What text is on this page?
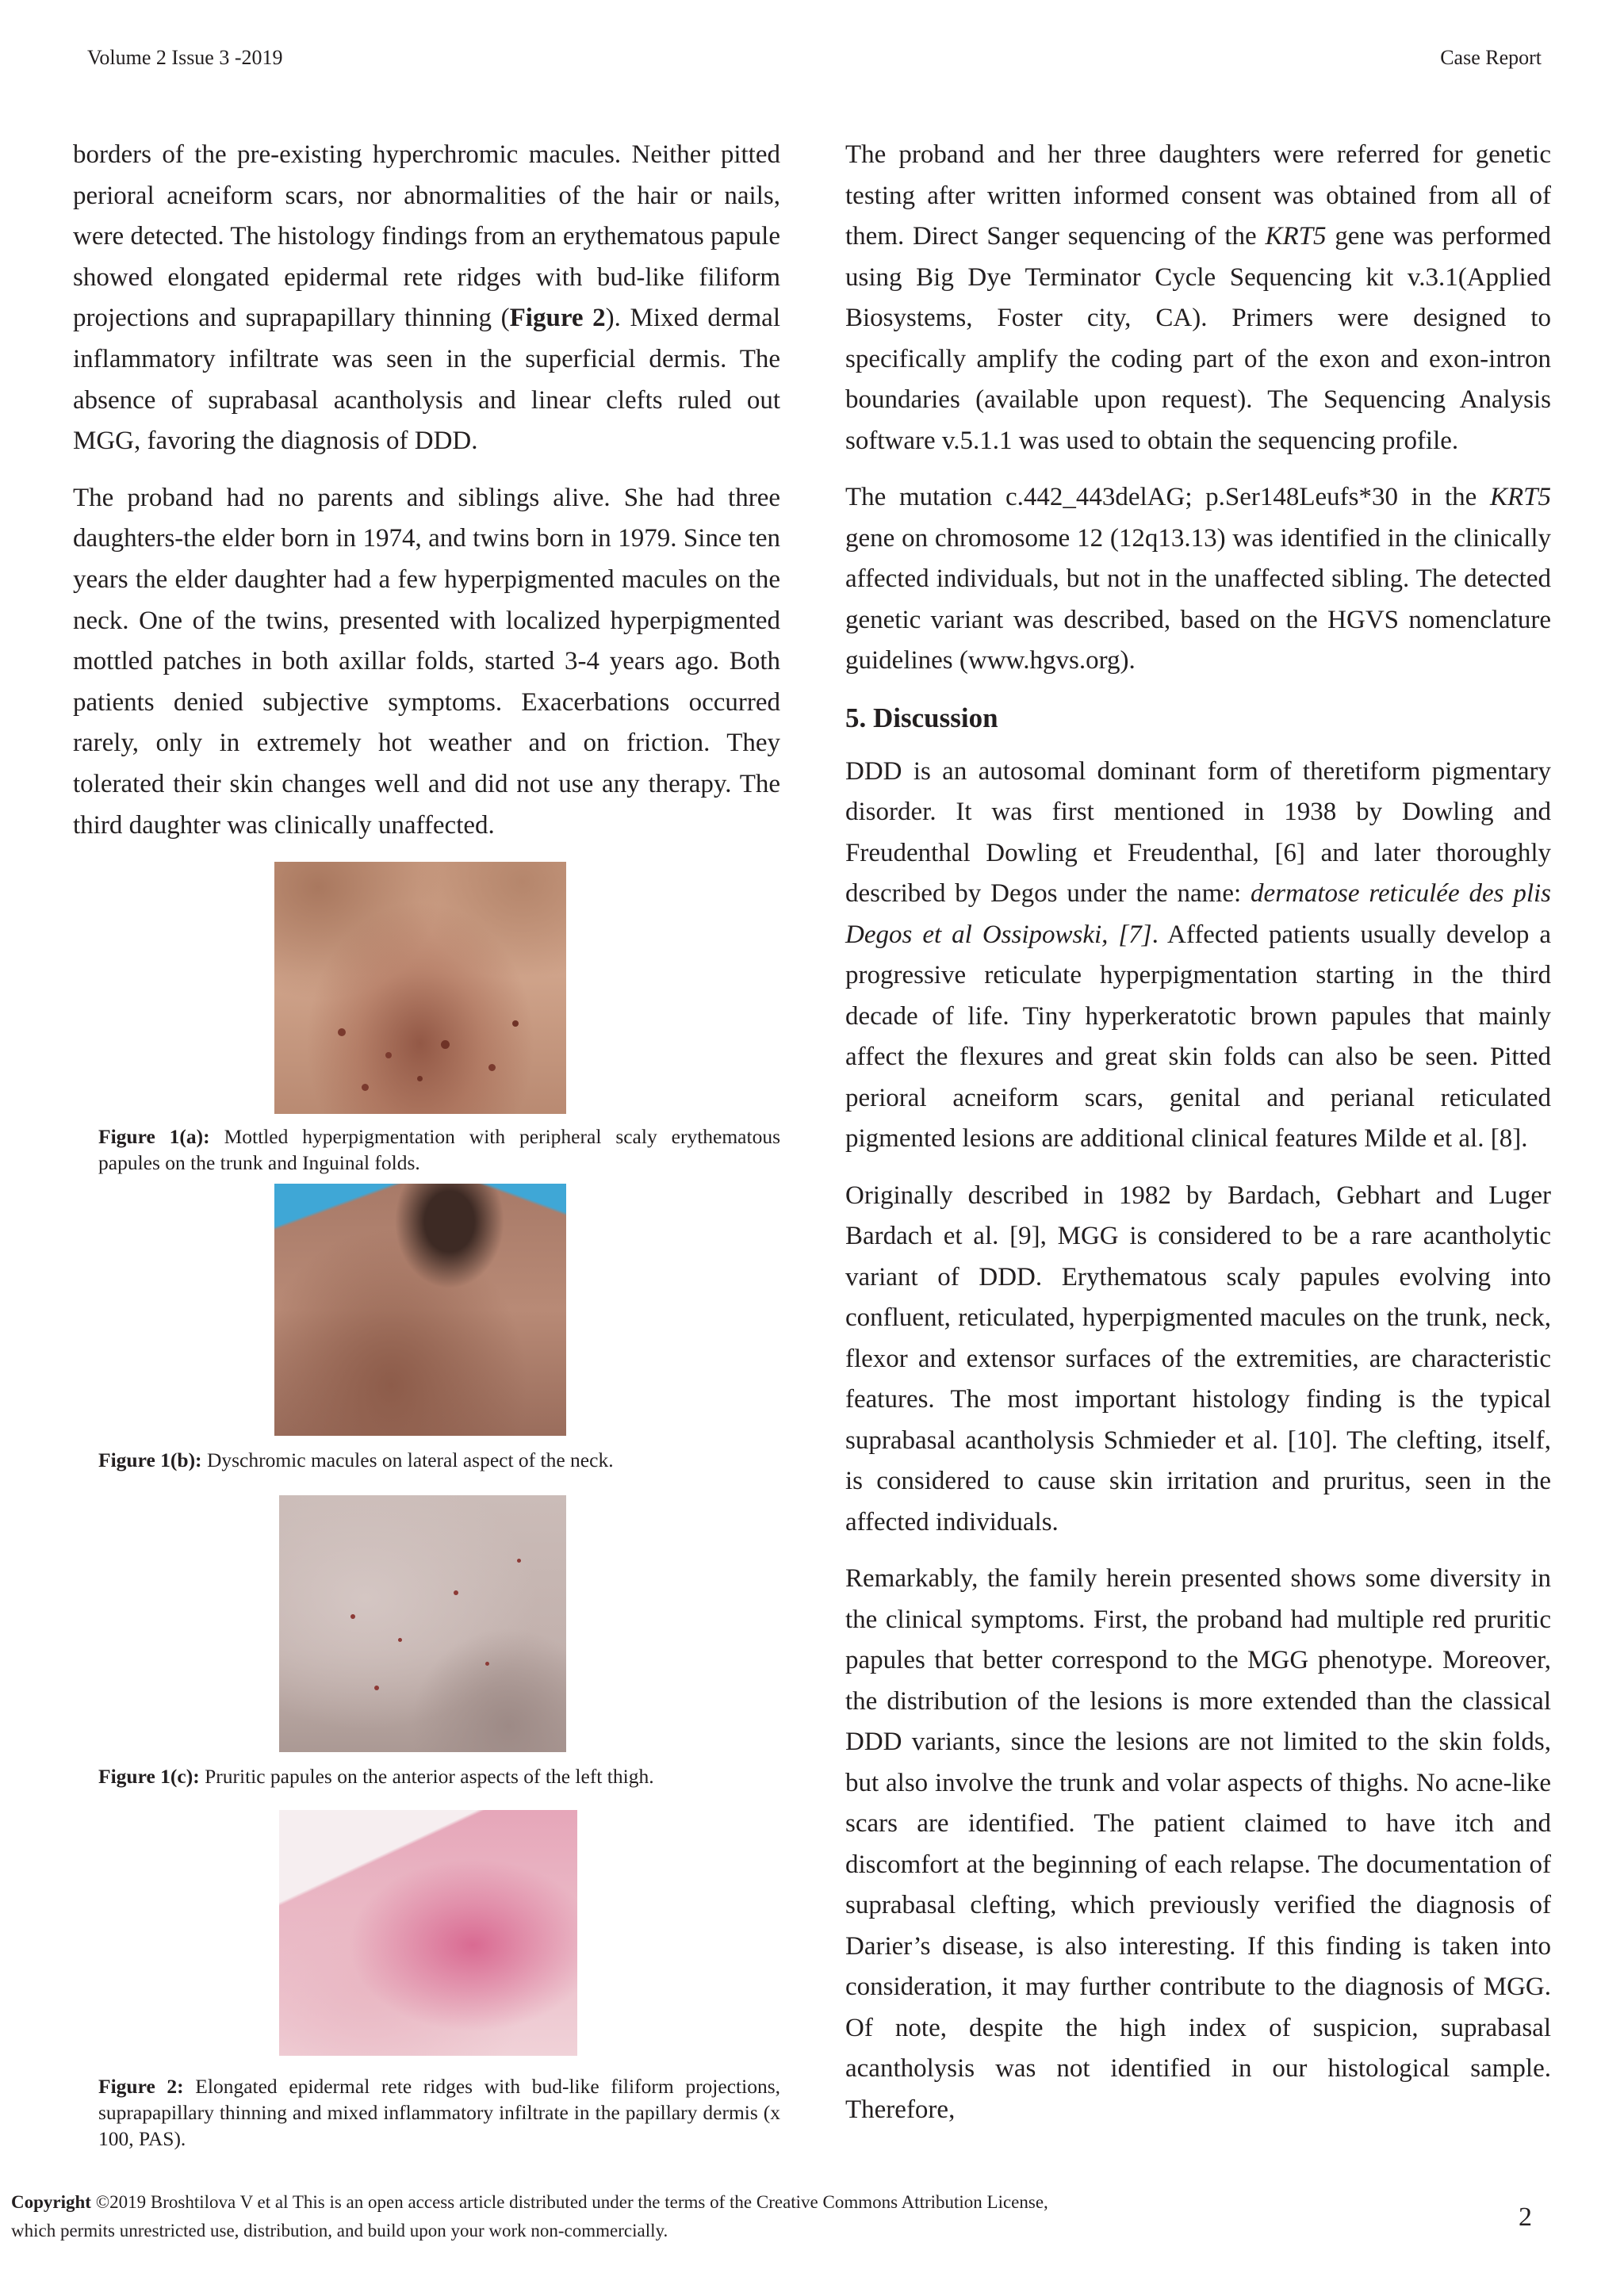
Volume 2 Issue 3 -2019	Case Report

borders of the pre-existing hyperchromic macules. Neither pitted perioral acneiform scars, nor abnormalities of the hair or nails, were detected. The histology findings from an erythematous papule showed elongated epidermal rete ridges with bud-like filiform projections and suprapapillary thinning (Figure 2). Mixed dermal inflammatory infiltrate was seen in the superficial dermis. The absence of suprabasal acantholysis and linear clefts ruled out MGG, favoring the diagnosis of DDD.

The proband had no parents and siblings alive. She had three daughters-the elder born in 1974, and twins born in 1979. Since ten years the elder daughter had a few hyperpigmented macules on the neck. One of the twins, presented with localized hyperpigmented mottled patches in both axillar folds, started 3-4 years ago. Both patients denied subjective symptoms. Exacerbations occurred rarely, only in extremely hot weather and on friction. They tolerated their skin changes well and did not use any therapy. The third daughter was clinically unaffected.

Figure 1(a): Mottled hyperpigmentation with peripheral scaly erythematous papules on the trunk and Inguinal folds.
Figure 1(b): Dyschromic macules on lateral aspect of the neck.
Figure 1(c): Pruritic papules on the anterior aspects of the left thigh.
Figure 2: Elongated epidermal rete ridges with bud-like filiform projections, suprapapillary thinning and mixed inflammatory infiltrate in the papillary dermis (x 100, PAS).

The proband and her three daughters were referred for genetic testing after written informed consent was obtained from all of them. Direct Sanger sequencing of the KRT5 gene was performed using Big Dye Terminator Cycle Sequencing kit v.3.1(Applied Biosystems, Foster city, CA). Primers were designed to specifically amplify the coding part of the exon and exon-intron boundaries (available upon request). The Sequencing Analysis software v.5.1.1 was used to obtain the sequencing profile.

The mutation c.442_443delAG; p.Ser148Leufs*30 in the KRT5 gene on chromosome 12 (12q13.13) was identified in the clinically affected individuals, but not in the unaffected sibling. The detected genetic variant was described, based on the HGVS nomenclature guidelines (www.hgvs.org).

5. Discussion

DDD is an autosomal dominant form of theretiform pigmentary disorder. It was first mentioned in 1938 by Dowling and Freudenthal Dowling et Freudenthal, [6] and later thoroughly described by Degos under the name: dermatose reticulée des plis Degos et al Ossipowski, [7]. Affected patients usually develop a progressive reticulate hyperpigmentation starting in the third decade of life. Tiny hyperkeratotic brown papules that mainly affect the flexures and great skin folds can also be seen. Pitted perioral acneiform scars, genital and perianal reticulated pigmented lesions are additional clinical features Milde et al. [8].

Originally described in 1982 by Bardach, Gebhart and Luger Bardach et al. [9], MGG is considered to be a rare acantholytic variant of DDD. Erythematous scaly papules evolving into confluent, reticulated, hyperpigmented macules on the trunk, neck, flexor and extensor surfaces of the extremities, are characteristic features. The most important histology finding is the typical suprabasal acantholysis Schmieder et al. [10]. The clefting, itself, is considered to cause skin irritation and pruritus, seen in the affected individuals.

Remarkably, the family herein presented shows some diversity in the clinical symptoms. First, the proband had multiple red pruritic papules that better correspond to the MGG phenotype. Moreover, the distribution of the lesions is more extended than the classical DDD variants, since the lesions are not limited to the skin folds, but also involve the trunk and volar aspects of thighs. No acne-like scars are identified. The patient claimed to have itch and discomfort at the beginning of each relapse. The documentation of suprabasal clefting, which previously verified the diagnosis of Darier’s disease, is also interesting. If this finding is taken into consideration, it may further contribute to the diagnosis of MGG. Of note, despite the high index of suspicion, suprabasal acantholysis was not identified in our histological sample. Therefore,

Copyright ©2019 Broshtilova V et al This is an open access article distributed under the terms of the Creative Commons Attribution License,
which permits unrestricted use, distribution, and build upon your work non-commercially.	2
